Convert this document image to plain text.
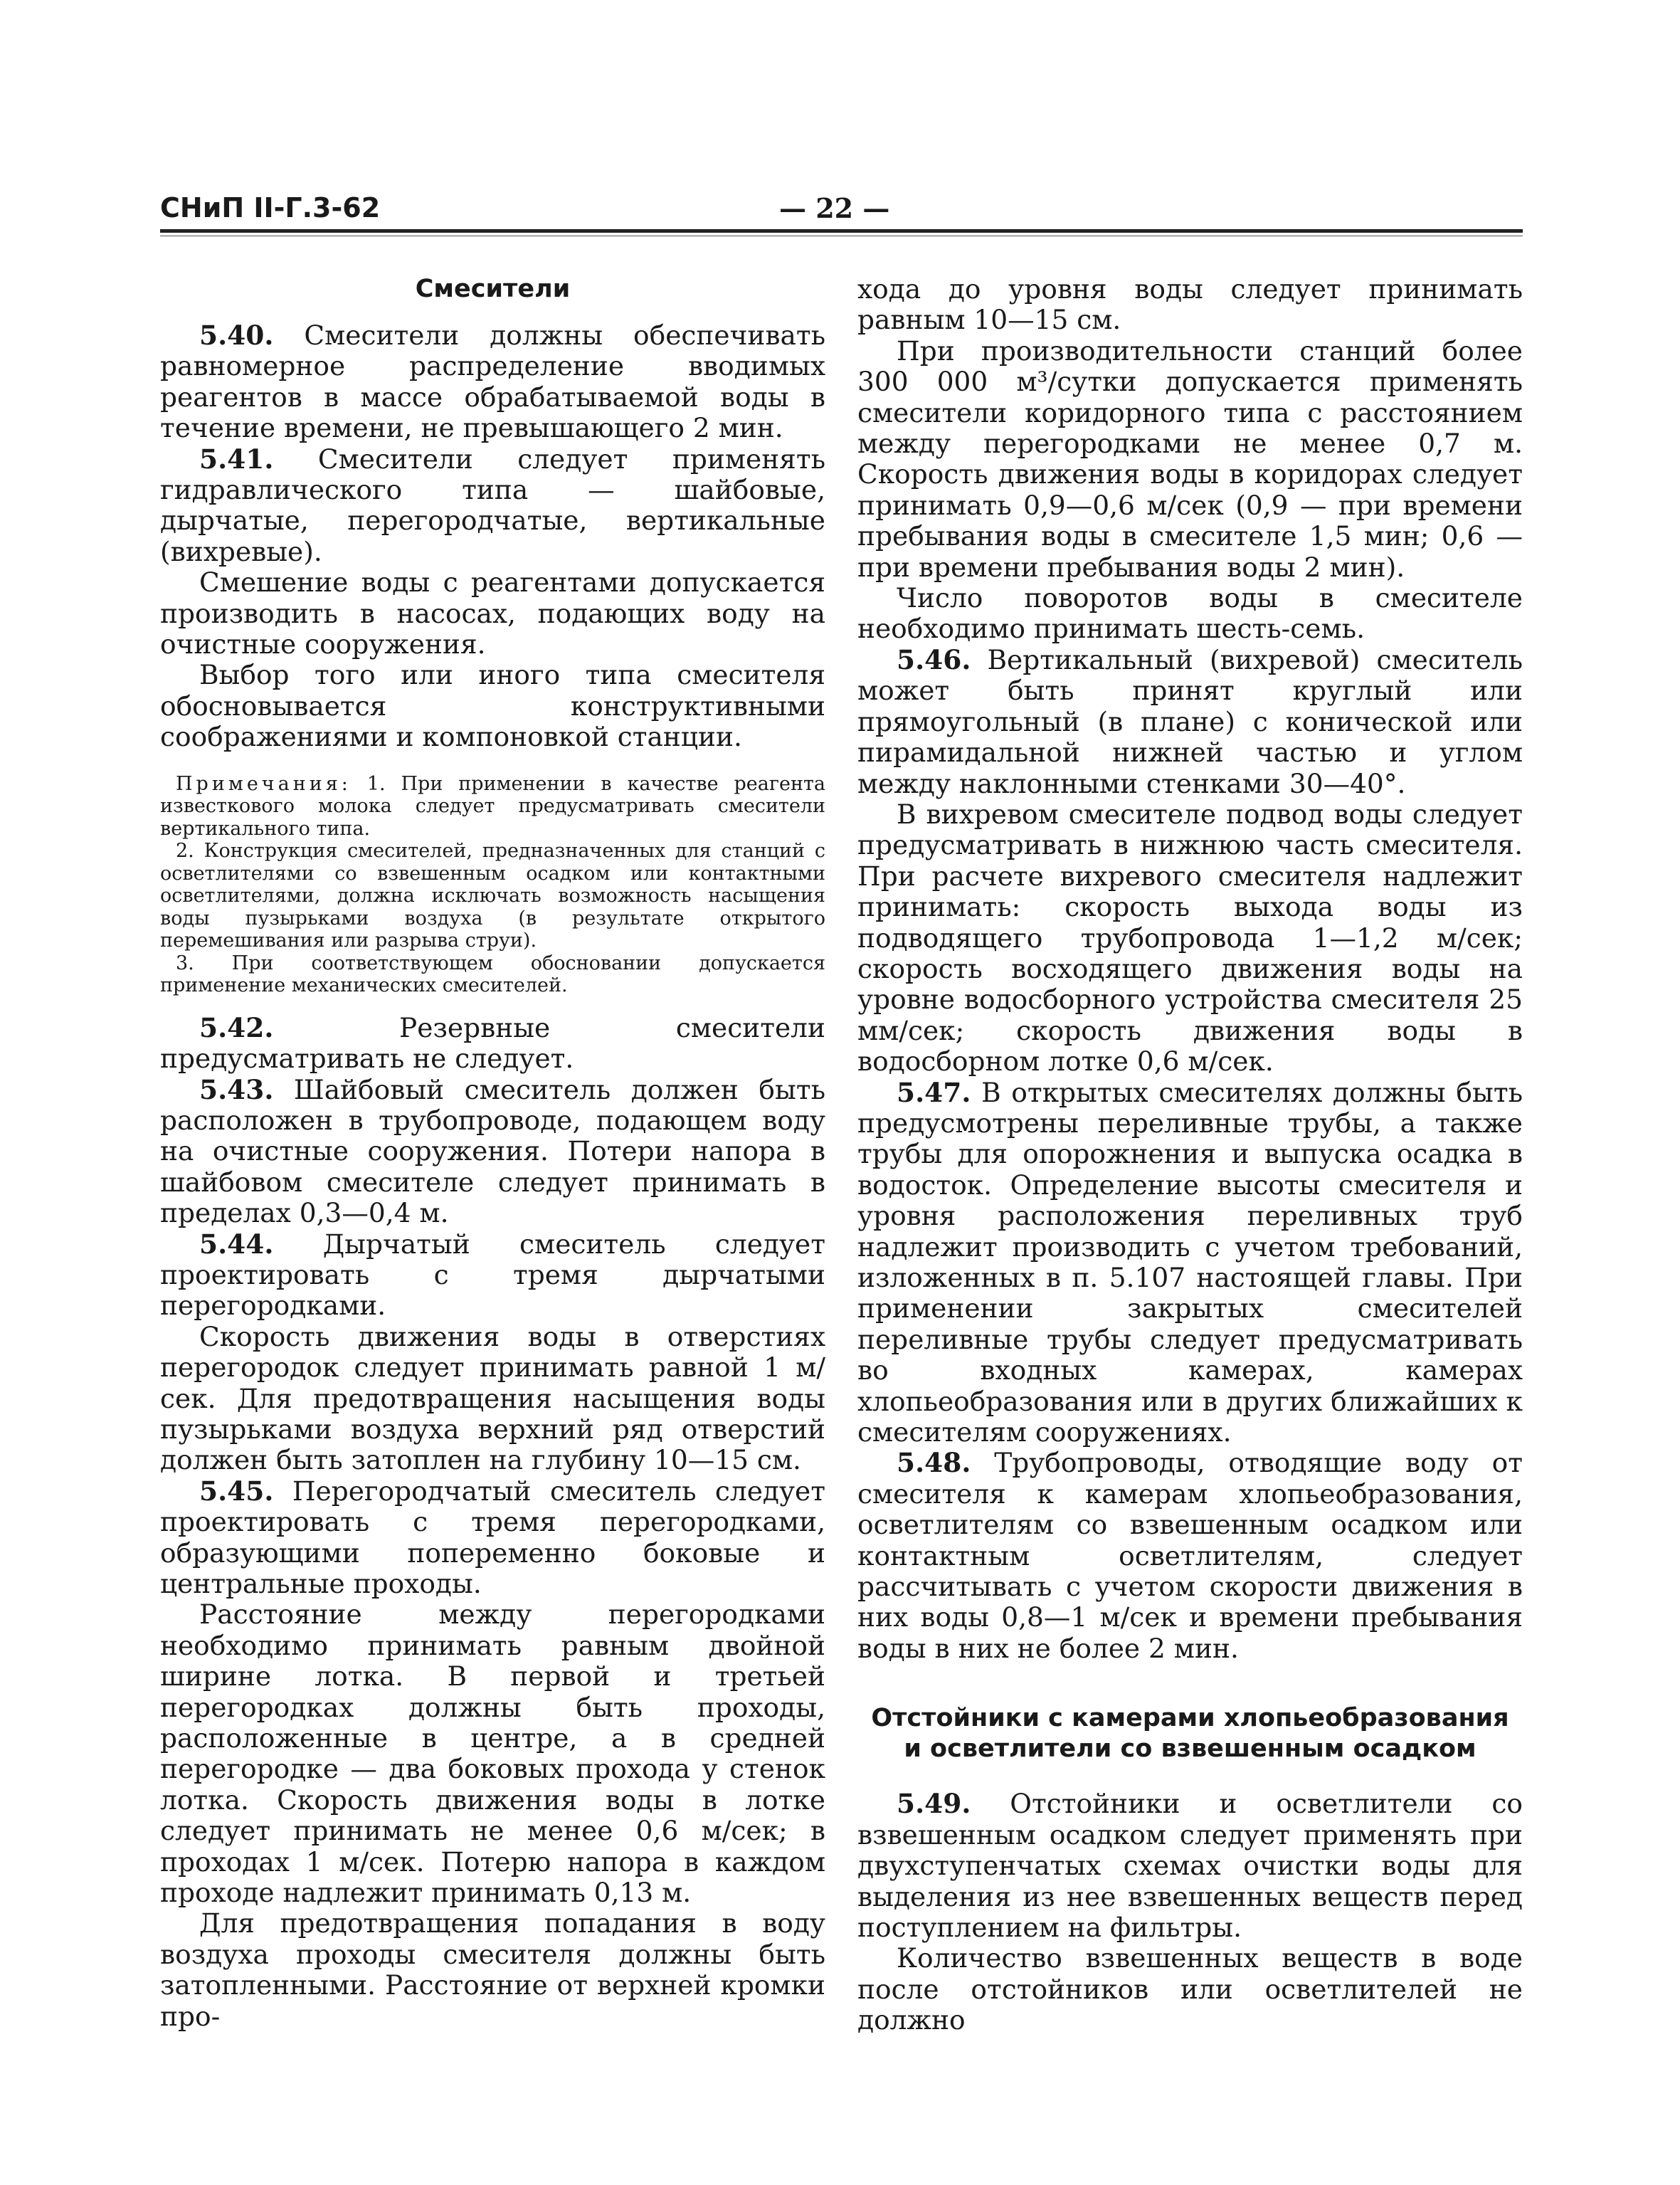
СНиП II-Г.3-62	— 22 —
Смесители

5.40. Смесители должны обеспечивать равномерное распределение вводимых реагентов в массе обрабатываемой воды в течение времени, не превышающего 2 мин.

5.41. Смесители следует применять гидравлического типа — шайбовые, дырчатые, перегородчатые, вертикальные (вихревые).

Смешение воды с реагентами допускается производить в насосах, подающих воду на очистные сооружения.

Выбор того или иного типа смесителя обосновывается конструктивными соображениями и компоновкой станции.

Примечания: 1. При применении в качестве реагента известкового молока следует предусматривать смесители вертикального типа.

2. Конструкция смесителей, предназначенных для станций с осветлителями со взвешенным осадком или контактными осветлителями, должна исключать возможность насыщения воды пузырьками воздуха (в результате открытого перемешивания или разрыва струи).

3. При соответствующем обосновании допускается применение механических смесителей.

5.42.	Резервные смесители предусматривать не следует.

5.43. Шайбовый смеситель должен быть расположен в трубопроводе, подающем воду на очистные сооружения. Потери напора в шайбовом смесителе следует принимать в пределах 0,3—0,4 м.

5.44. Дырчатый смеситель следует проектировать с тремя дырчатыми перегородками.

Скорость движения воды в отверстиях перегородок следует принимать равной 1 м/сек. Для предотвращения насыщения воды пузырьками воздуха верхний ряд отверстий должен быть затоплен на глубину 10—15 см.

5.45. Перегородчатый смеситель следует проектировать с тремя перегородками, образующими попеременно боковые и центральные проходы.

Расстояние между перегородками необходимо принимать равным двойной ширине лотка. В первой и третьей перегородках должны быть проходы, расположенные в центре, а в средней перегородке — два боковых прохода у стенок лотка. Скорость движения воды в лотке следует принимать не менее 0,6 м/сек; в проходах 1 м/сек. Потерю напора в каждом проходе надлежит принимать 0,13 м.

Для предотвращения попадания в воду воздуха проходы смесителя должны быть затопленными. Расстояние от верхней кромки про-

хода до уровня воды следует принимать равным 10—15 см.

При производительности станций более 300 000 м³/сутки допускается применять смесители коридорного типа с расстоянием между перегородками не менее 0,7 м. Скорость движения воды в коридорах следует принимать 0,9—0,6 м/сек (0,9 — при времени пребывания воды в смесителе 1,5 мин; 0,6 — при времени пребывания воды 2 мин).

Число поворотов воды в смесителе необходимо принимать шесть-семь.

5.46. Вертикальный (вихревой) смеситель может быть принят круглый или прямоугольный (в плане) с конической или пирамидальной нижней частью и углом между наклонными стенками 30—40°.

В вихревом смесителе подвод воды следует предусматривать в нижнюю часть смесителя. При расчете вихревого смесителя надлежит принимать: скорость выхода воды из подводящего трубопровода 1—1,2 м/сек; скорость восходящего движения воды на уровне водосборного устройства смесителя 25 мм/сек; скорость движения воды в водосборном лотке 0,6 м/сек.

5.47. В открытых смесителях должны быть предусмотрены переливные трубы, а также трубы для опорожнения и выпуска осадка в водосток. Определение высоты смесителя и уровня расположения переливных труб надлежит производить с учетом требований, изложенных в п. 5.107 настоящей главы. При применении закрытых смесителей переливные трубы следует предусматривать во входных камерах, камерах хлопьеобразования или в других ближайших к смесителям сооружениях.

5.48. Трубопроводы, отводящие воду от смесителя к камерам хлопьеобразования, осветлителям со взвешенным осадком или контактным осветлителям, следует рассчитывать с учетом скорости движения в них воды 0,8—1 м/сек и времени пребывания воды в них не более 2 мин.

Отстойники с камерами хлопьеобразования
и осветлители со взвешенным осадком

5.49. Отстойники и осветлители со взвешенным осадком следует применять при двухступенчатых схемах очистки воды для выделения из нее взвешенных веществ перед поступлением на фильтры.

Количество взвешенных веществ в воде после отстойников или осветлителей не должно
